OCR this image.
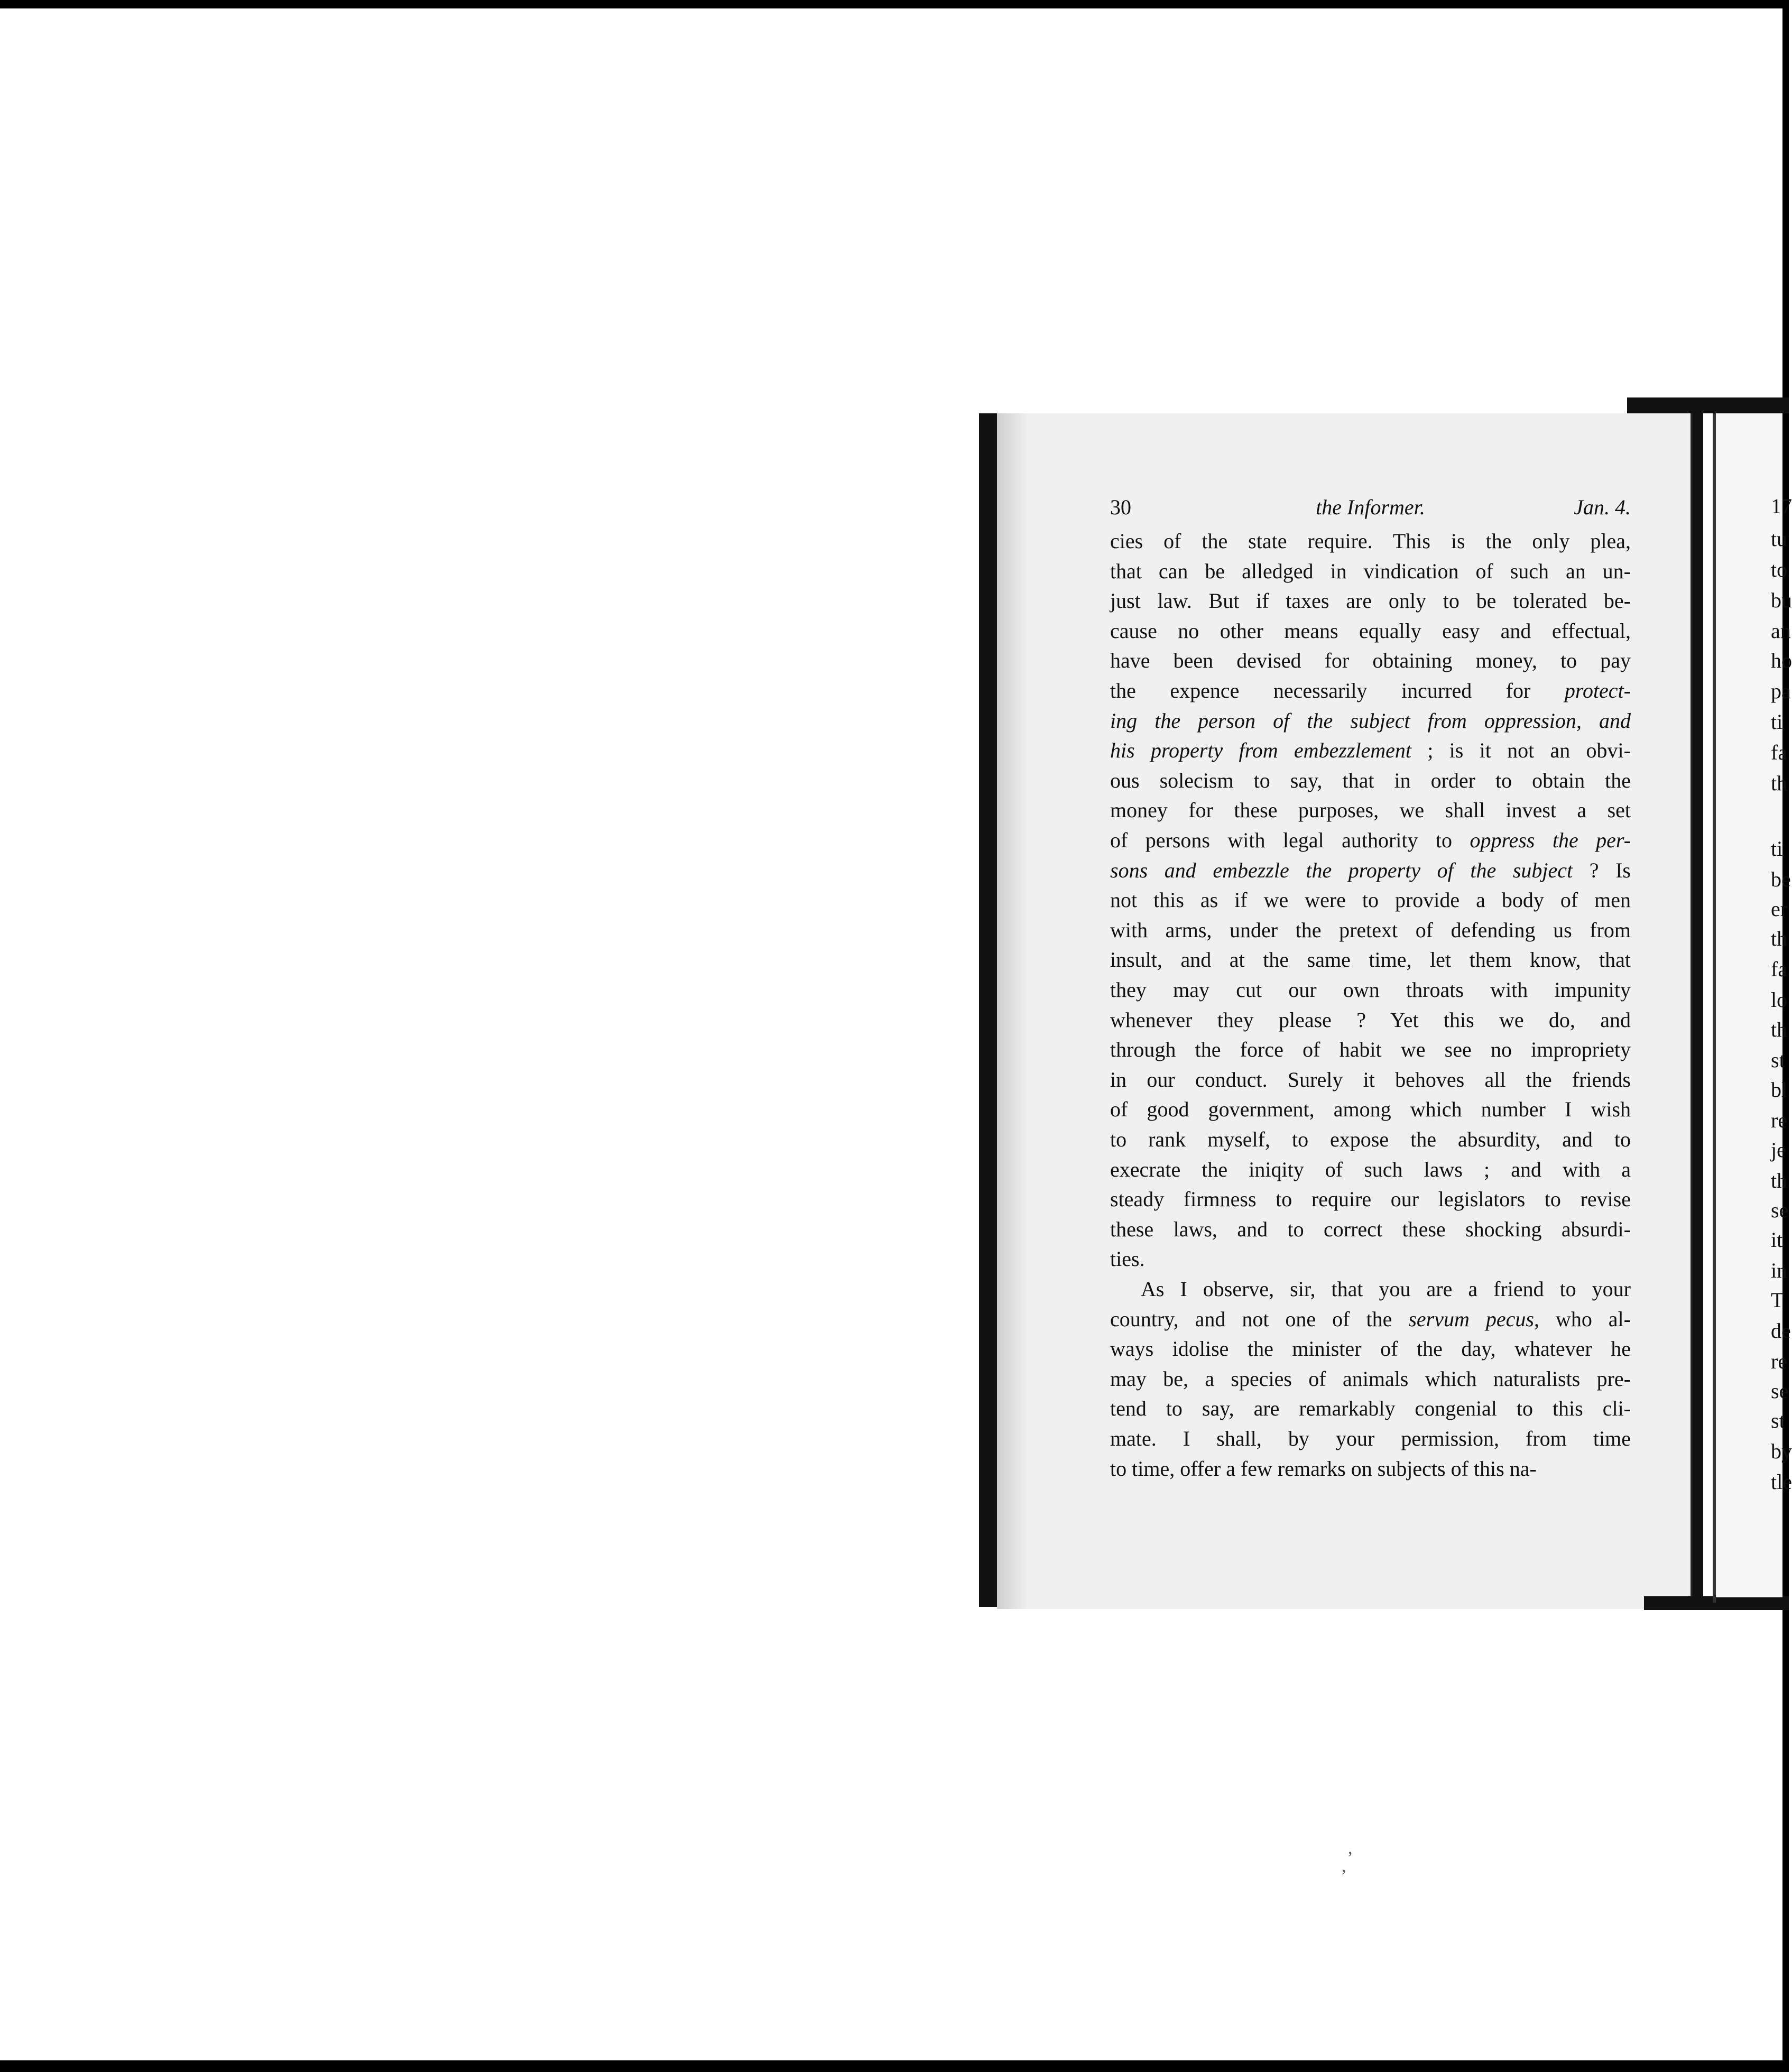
30	the Informer.	Jan. 4.
cies of the state require. This is the only plea,
that can be alledged in vindication of such an un-
just law. But if taxes are only to be tolerated be-
cause no other means equally easy and effectual,
have been devised for obtaining money, to pay
the expence necessarily incurred for protect-
ing the person of the subject from oppression, and
his property from embezzlement ; is it not an obvi-
ous solecism to say, that in order to obtain the
money for these purposes, we shall invest a set
of persons with legal authority to oppress the per-
sons and embezzle the property of the subject ? Is
not this as if we were to provide a body of men
with arms, under the pretext of defending us from
insult, and at the same time, let them know, that
they may cut our own throats with impunity
whenever they please ? Yet this we do, and
through the force of habit we see no impropriety
in our conduct. Surely it behoves all the friends
of good government, among which number I wish
to rank myself, to expose the absurdity, and to
execrate the iniqity of such laws ; and with a
steady firmness to require our legislators to revise
these laws, and to correct these shocking absurdi-
ties.
As I observe, sir, that you are a friend to your
country, and not one of the servum pecus, who al-
ways idolise the minister of the day, whatever he
may be, a species of animals which naturalists pre-
tend to say, are remarkably congenial to this cli-
mate. I shall, by your permission, from time
to time, offer a few remarks on subjects of this na-
17
tu
to
bu
an
ho
pa
ti
fa
th
ti
be
er
th
fa
lo
th
st
bl
re
je
th
se
it
in
T
de
re
se
st
by
tle
,
,
